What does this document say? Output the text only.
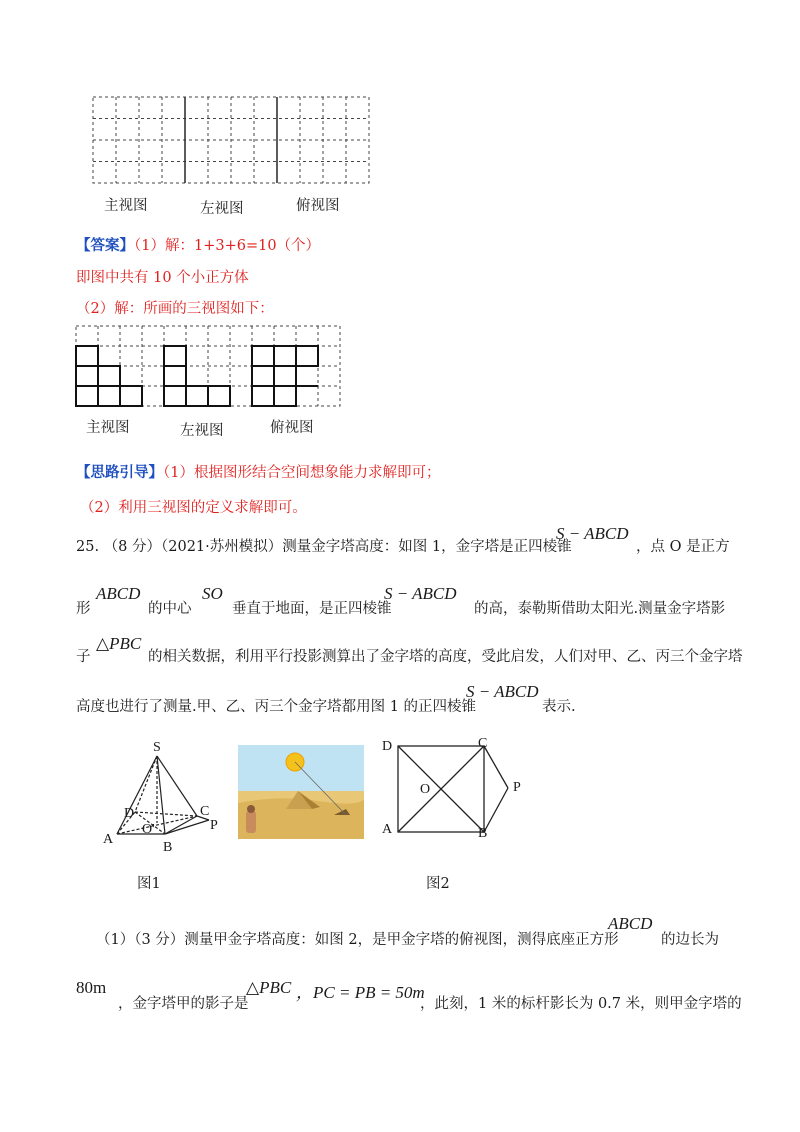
主视图	左视图	俯视图
【答案】（1）解：1+3+6=10（个）
即图中共有 10 个小正方体
（2）解：所画的三视图如下：
主视图	左视图	俯视图
【思路引导】（1）根据图形结合空间想象能力求解即可；
（2）利用三视图的定义求解即可。
25. （8 分）（2021·苏州模拟）测量金字塔高度：如图 1，金字塔是正四棱锥
S − ABCD
，点 O 是正方
形
ABCD
的中心
SO
垂直于地面，是正四棱锥
S − ABCD
的高，泰勒斯借助太阳光.测量金字塔影
子
△PBC
的相关数据，利用平行投影测算出了金字塔的高度，受此启发，人们对甲、乙、丙三个金字塔
高度也进行了测量.甲、乙、丙三个金字塔都用图 1 的正四棱锥
S − ABCD
表示.
S
D	C
A
O'
B
P
图1
D	C
O	P
A	B
图2
（1）（3 分）测量甲金字塔高度：如图 2，是甲金字塔的俯视图，测得底座正方形
ABCD
的边长为
80m
，金字塔甲的影子是
△PBC ，PC = PB = 50m
，此刻，1 米的标杆影长为 0.7 米，则甲金字塔的
